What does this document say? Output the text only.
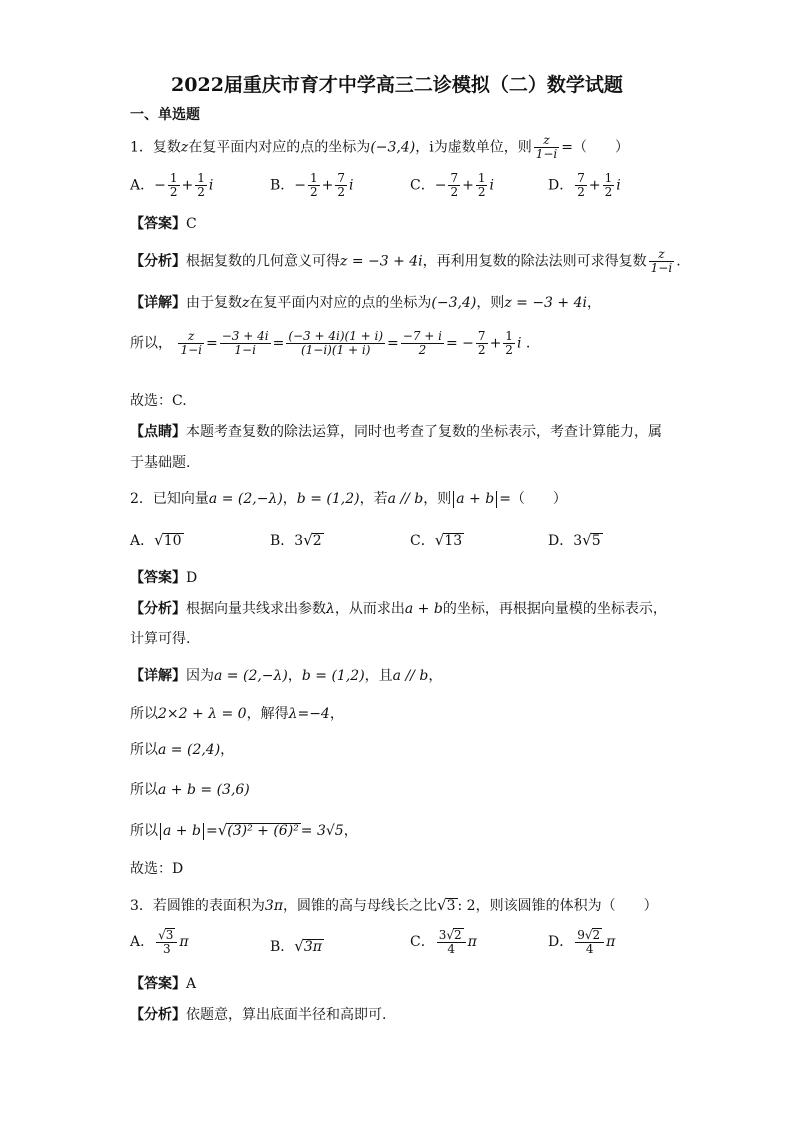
2022届重庆市育才中学高三二诊模拟（二）数学试题
一、单选题
1．复数z在复平面内对应的点的坐标为(−3,4)，i为虚数单位，则 $\frac{z}{1-i}$ =（　　）
A．− $\frac{1}{2} + \frac{1}{2}$ i	B．− $\frac{1}{2} + \frac{7}{2}$ i	C．− $\frac{7}{2} + \frac{1}{2}$ i	D． $\frac{7}{2} + \frac{1}{2}$ i
【答案】C
【分析】根据复数的几何意义可得z = −3 + 4i，再利用复数的除法法则可求得复数 $\frac{z}{1-i}$ .
【详解】由于复数z在复平面内对应的点的坐标为(−3,4)，则z = −3 + 4i，
所以， $\frac{z}{1-i} = \frac{-3 + 4i}{1-i} = \frac{(-3 + 4i)(1 + i)}{(1-i)(1 + i)} = \frac{-7 + i}{2}$ = − $\frac{7}{2} + \frac{1}{2}$ i .
故选：C.
【点睛】本题考查复数的除法运算，同时也考查了复数的坐标表示，考查计算能力，属
于基础题.
2．已知向量a = (2,−λ)，b = (1,2)，若a // b，则 a + b =（　　）
A．√10	B．3√2	C．√13	D．3√5
【答案】D
【分析】根据向量共线求出参数λ，从而求出a + b的坐标，再根据向量模的坐标表示，
计算可得.
【详解】因为a = (2,−λ)，b = (1,2)，且a // b，
所以2×2 + λ = 0，解得λ=−4，
所以a = (2,4)，
所以a + b = (3,6)
所以 a + b =√(3)² + (6)² = 3√5，
故选：D
3．若圆锥的表面积为3π，圆锥的高与母线长之比√3 : 2，则该圆锥的体积为（　　）
A． $\frac{√3}{3}$ π	B．√3π	C． $\frac{3√2}{4}$ π	D． $\frac{9√2}{4}$ π
【答案】A
【分析】依题意，算出底面半径和高即可.
